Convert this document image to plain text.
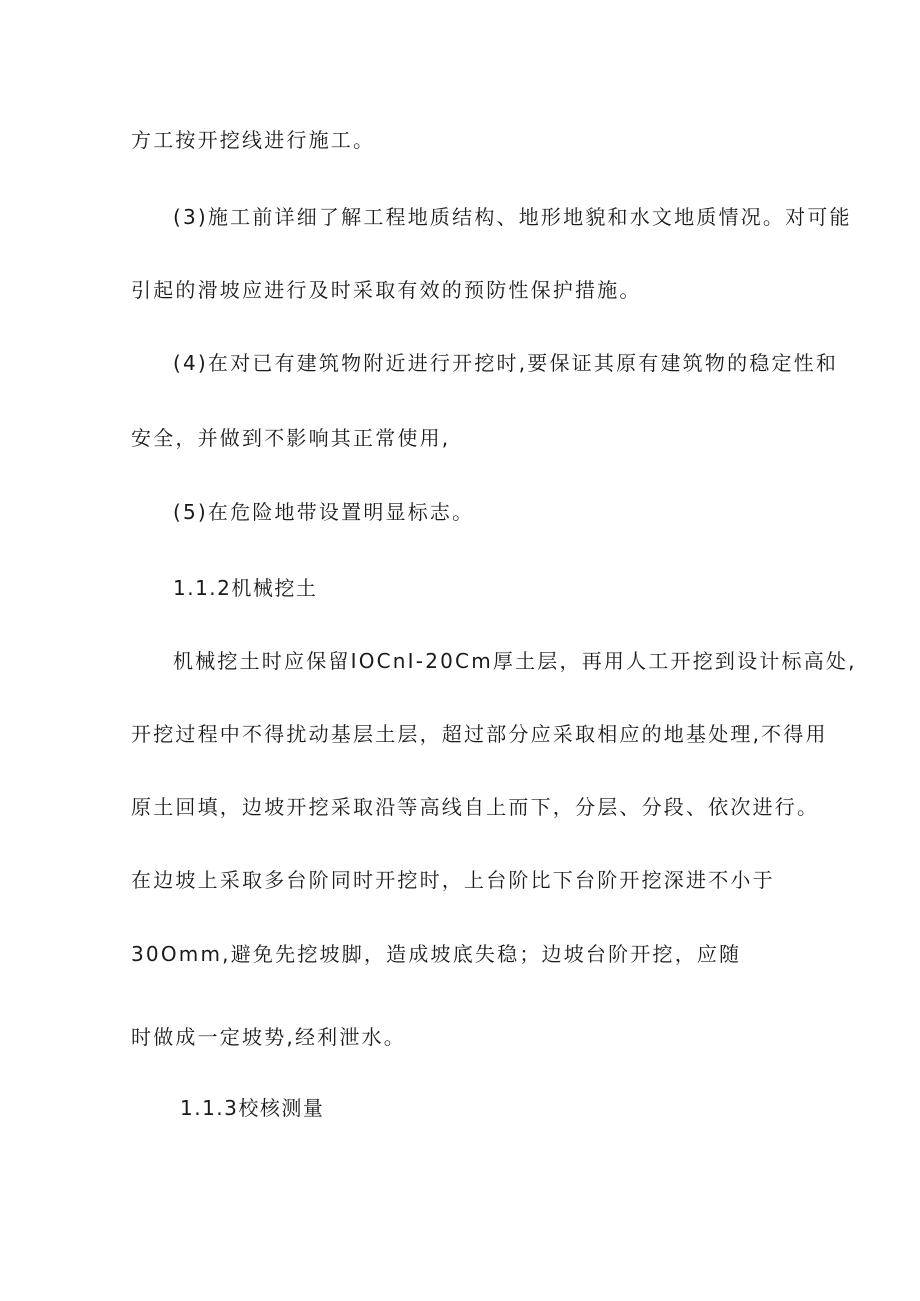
方工按开挖线进行施工。
(3)施工前详细了解工程地质结构、地形地貌和水文地质情况。对可能
引起的滑坡应进行及时采取有效的预防性保护措施。
(4)在对已有建筑物附近进行开挖时,要保证其原有建筑物的稳定性和
安全，并做到不影响其正常使用,
(5)在危险地带设置明显标志。
1.1.2机械挖土
机械挖土时应保留IOCnI-20Cm厚土层，再用人工开挖到设计标高处,
开挖过程中不得扰动基层土层，超过部分应采取相应的地基处理,不得用
原土回填，边坡开挖采取沿等高线自上而下，分层、分段、依次进行。
在边坡上采取多台阶同时开挖时，上台阶比下台阶开挖深进不小于
30Omm,避免先挖坡脚，造成坡底失稳；边坡台阶开挖，应随
时做成一定坡势,经利泄水。
1.1.3校核测量
